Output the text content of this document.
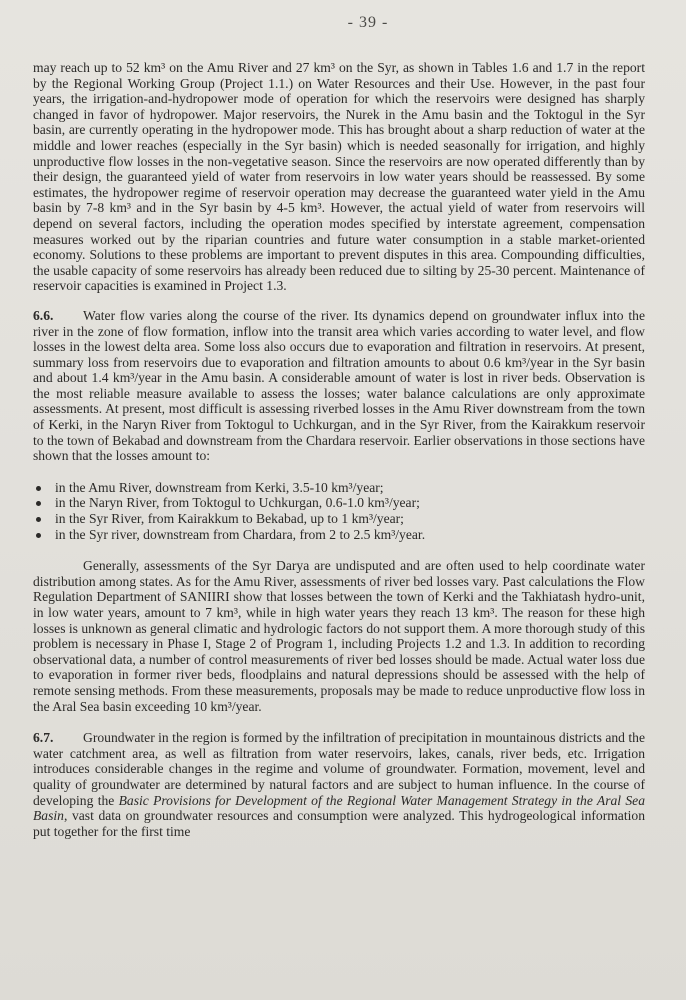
- 39 -

may reach up to 52 km³ on the Amu River and 27 km³ on the Syr, as shown in Tables 1.6 and 1.7 in the report by the Regional Working Group (Project 1.1.) on Water Resources and their Use. However, in the past four years, the irrigation-and-hydropower mode of operation for which the reservoirs were designed has sharply changed in favor of hydropower. Major reservoirs, the Nurek in the Amu basin and the Toktogul in the Syr basin, are currently operating in the hydropower mode. This has brought about a sharp reduction of water at the middle and lower reaches (especially in the Syr basin) which is needed seasonally for irrigation, and highly unproductive flow losses in the non-vegetative season. Since the reservoirs are now operated differently than by their design, the guaranteed yield of water from reservoirs in low water years should be reassessed. By some estimates, the hydropower regime of reservoir operation may decrease the guaranteed water yield in the Amu basin by 7-8 km³ and in the Syr basin by 4-5 km³. However, the actual yield of water from reservoirs will depend on several factors, including the operation modes specified by interstate agreement, compensation measures worked out by the riparian countries and future water consumption in a stable market-oriented economy. Solutions to these problems are important to prevent disputes in this area. Compounding difficulties, the usable capacity of some reservoirs has already been reduced due to silting by 25-30 percent. Maintenance of reservoir capacities is examined in Project 1.3.

6.6. Water flow varies along the course of the river. Its dynamics depend on groundwater influx into the river in the zone of flow formation, inflow into the transit area which varies according to water level, and flow losses in the lowest delta area. Some loss also occurs due to evaporation and filtration in reservoirs. At present, summary loss from reservoirs due to evaporation and filtration amounts to about 0.6 km³/year in the Syr basin and about 1.4 km³/year in the Amu basin. A considerable amount of water is lost in river beds. Observation is the most reliable measure available to assess the losses; water balance calculations are only approximate assessments. At present, most difficult is assessing riverbed losses in the Amu River downstream from the town of Kerki, in the Naryn River from Toktogul to Uchkurgan, and in the Syr River, from the Kairakkum reservoir to the town of Bekabad and downstream from the Chardara reservoir. Earlier observations in those sections have shown that the losses amount to:

in the Amu River, downstream from Kerki, 3.5-10 km³/year;
in the Naryn River, from Toktogul to Uchkurgan, 0.6-1.0 km³/year;
in the Syr River, from Kairakkum to Bekabad, up to 1 km³/year;
in the Syr river, downstream from Chardara, from 2 to 2.5 km³/year.

Generally, assessments of the Syr Darya are undisputed and are often used to help coordinate water distribution among states. As for the Amu River, assessments of river bed losses vary. Past calculations the Flow Regulation Department of SANIIRI show that losses between the town of Kerki and the Takhiatash hydro-unit, in low water years, amount to 7 km³, while in high water years they reach 13 km³. The reason for these high losses is unknown as general climatic and hydrologic factors do not support them. A more thorough study of this problem is necessary in Phase I, Stage 2 of Program 1, including Projects 1.2 and 1.3. In addition to recording observational data, a number of control measurements of river bed losses should be made. Actual water loss due to evaporation in former river beds, floodplains and natural depressions should be assessed with the help of remote sensing methods. From these measurements, proposals may be made to reduce unproductive flow loss in the Aral Sea basin exceeding 10 km³/year.

6.7. Groundwater in the region is formed by the infiltration of precipitation in mountainous districts and the water catchment area, as well as filtration from water reservoirs, lakes, canals, river beds, etc. Irrigation introduces considerable changes in the regime and volume of groundwater. Formation, movement, level and quality of groundwater are determined by natural factors and are subject to human influence. In the course of developing the Basic Provisions for Development of the Regional Water Management Strategy in the Aral Sea Basin, vast data on groundwater resources and consumption were analyzed. This hydrogeological information put together for the first time
